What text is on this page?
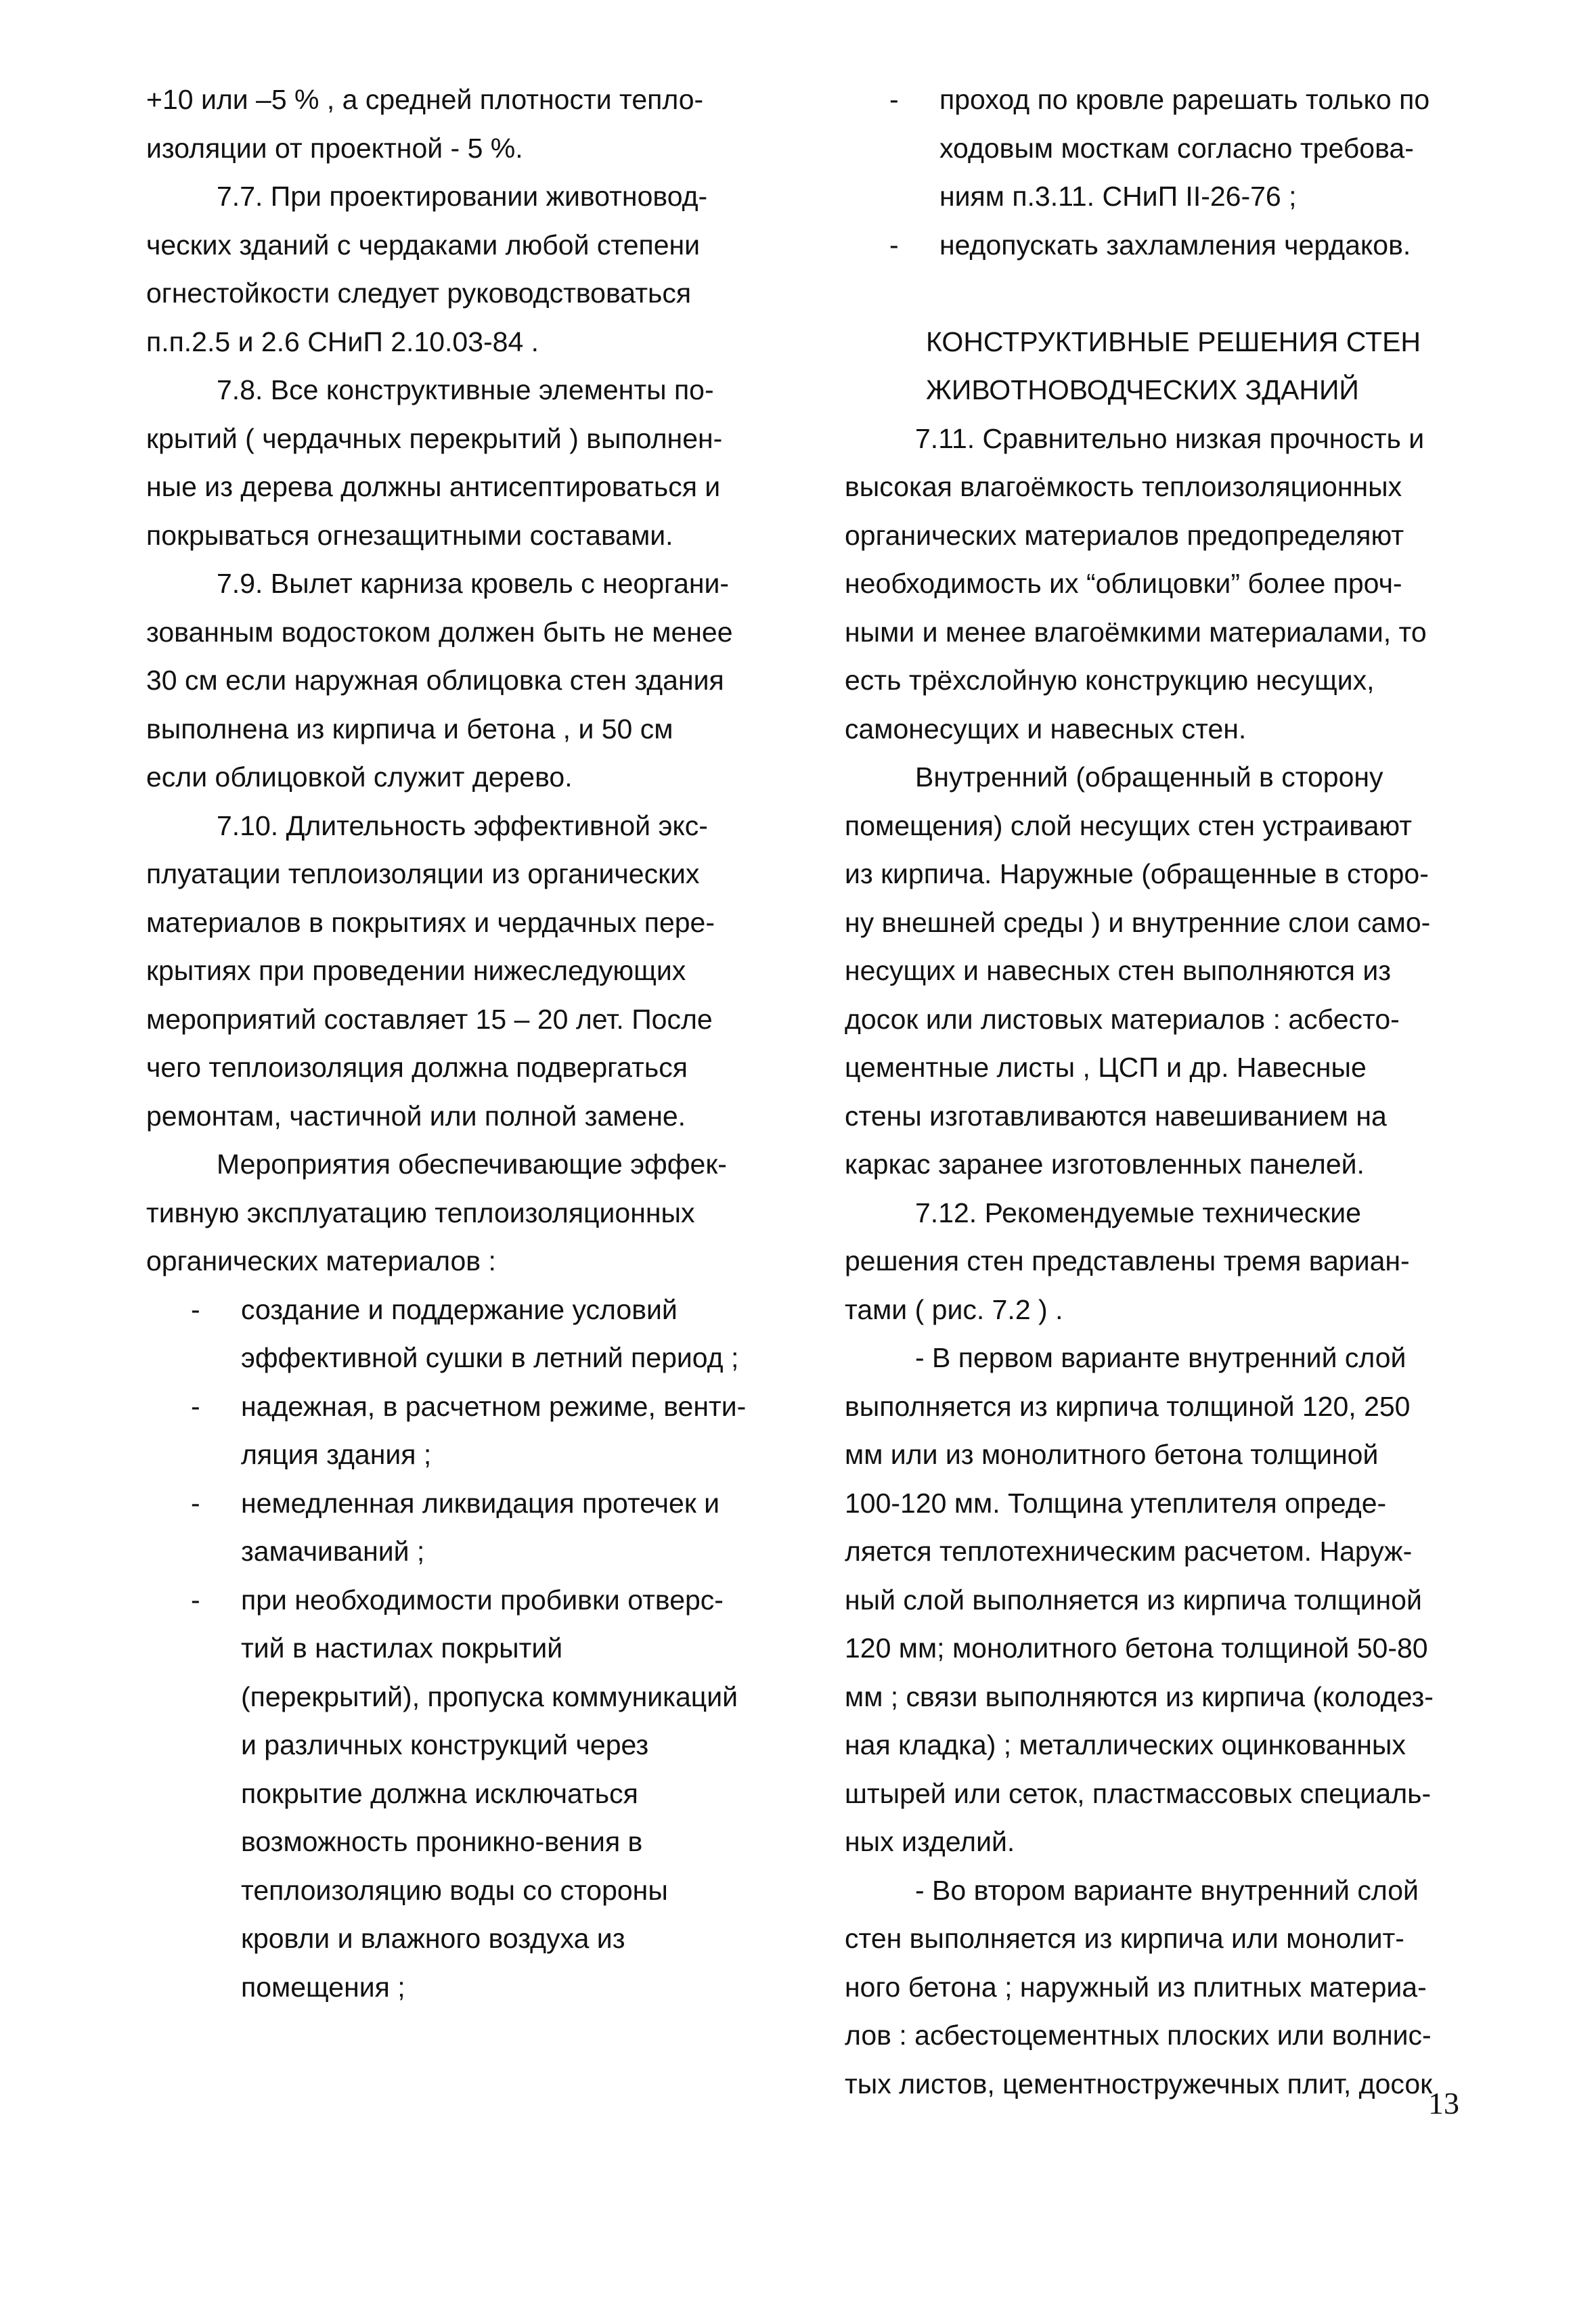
+10 или –5 % , а средней плотности тепло-
изоляции от проектной - 5 %.
7.7. При проектировании животновод-
ческих зданий с чердаками любой степени
огнестойкости следует руководствоваться
п.п.2.5 и 2.6 СНиП 2.10.03-84 .
7.8. Все конструктивные элементы по-
крытий ( чердачных перекрытий ) выполнен-
ные из дерева должны антисептироваться и
покрываться огнезащитными составами.
7.9. Вылет карниза кровель с неоргани-
зованным водостоком должен быть не менее
30 см если наружная облицовка стен здания
выполнена из кирпича и бетона , и 50 см
если облицовкой служит дерево.
7.10. Длительность эффективной экс-
плуатации теплоизоляции из органических
материалов в покрытиях и чердачных пере-
крытиях при проведении нижеследующих
мероприятий составляет 15 – 20 лет. После
чего теплоизоляция должна подвергаться
ремонтам, частичной или полной замене.
Мероприятия обеспечивающие эффек-
тивную эксплуатацию теплоизоляционных
органических материалов :
- создание и поддержание условий
эффективной сушки в летний период ;
- надежная, в расчетном режиме, венти-
ляция здания ;
- немедленная ликвидация протечек и
замачиваний ;
- при необходимости пробивки отверс-
тий в настилах покрытий
(перекрытий), пропуска коммуникаций
и различных конструкций через
покрытие должна исключаться
возможность проникно-вения в
теплоизоляцию воды со стороны
кровли и влажного воздуха из
помещения ;
- проход по кровле рарешать только по
ходовым мосткам согласно требова-
ниям п.3.11. СНиП II-26-76 ;
- недопускать захламления чердаков.
КОНСТРУКТИВНЫЕ РЕШЕНИЯ СТЕН
ЖИВОТНОВОДЧЕСКИХ ЗДАНИЙ
7.11. Сравнительно низкая прочность и
высокая влагоёмкость теплоизоляционных
органических материалов предопределяют
необходимость их “облицовки” более проч-
ными и менее влагоёмкими материалами, то
есть трёхслойную конструкцию несущих,
самонесущих и навесных стен.
Внутренний (обращенный в сторону
помещения) слой несущих стен устраивают
из кирпича. Наружные (обращенные в сторо-
ну внешней среды ) и внутренние слои само-
несущих и навесных стен выполняются из
досок или листовых материалов : асбесто-
цементные листы , ЦСП и др. Навесные
стены изготавливаются навешиванием на
каркас заранее изготовленных панелей.
7.12. Рекомендуемые технические
решения стен представлены тремя вариан-
тами ( рис. 7.2 ) .
- В первом варианте внутренний слой
выполняется из кирпича толщиной 120, 250
мм или из монолитного бетона толщиной
100-120 мм. Толщина утеплителя опреде-
ляется теплотехническим расчетом. Наруж-
ный слой выполняется из кирпича толщиной
120 мм; монолитного бетона толщиной 50-80
мм ; связи выполняются из кирпича (колодез-
ная кладка) ; металлических оцинкованных
штырей или сеток, пластмассовых специаль-
ных изделий.
- Во втором варианте внутренний слой
стен выполняется из кирпича или монолит-
ного бетона ; наружный из плитных материа-
лов : асбестоцементных плоских или волнис-
тых листов, цементностружечных плит, досок
13
